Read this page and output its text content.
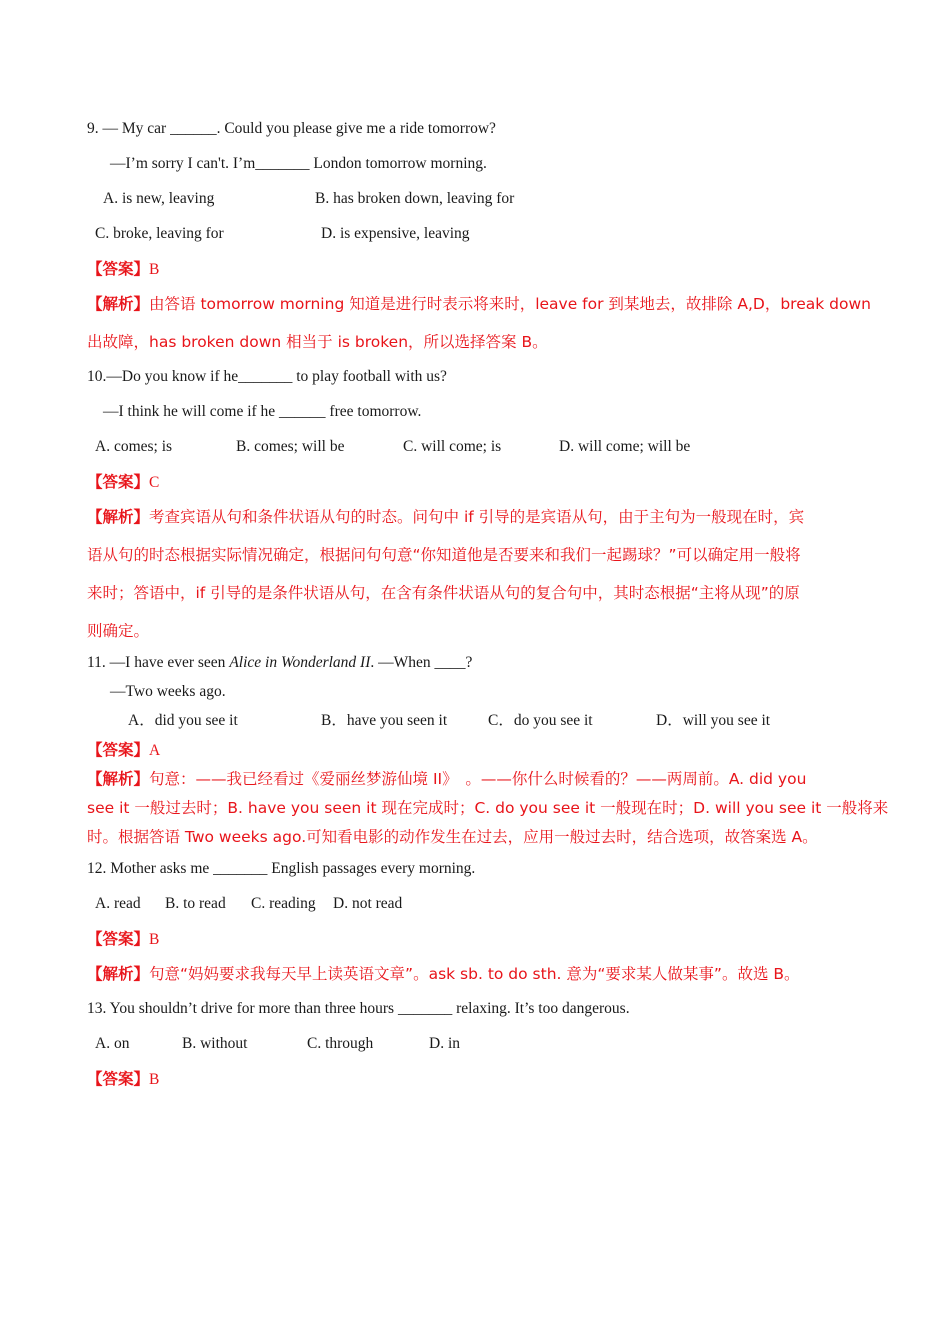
9. — My car ______. Could you please give me a ride tomorrow?
—I’m sorry I can't. I’m_______ London tomorrow morning.
A. is new, leaving	B. has broken down, leaving for
C. broke, leaving for	D. is expensive, leaving
【答案】B
【解析】由答语 tomorrow morning 知道是进行时表示将来时，leave for 到某地去，故排除 A,D，break down
出故障，has broken down 相当于 is broken，所以选择答案 B。
10.—Do you know if he_______ to play football with us?
—I think he will come if he ______ free tomorrow.
A. comes; is	B. comes; will be	C. will come; is	D. will come; will be
【答案】C
【解析】考查宾语从句和条件状语从句的时态。问句中 if 引导的是宾语从句，由于主句为一般现在时，宾
语从句的时态根据实际情况确定，根据问句句意“你知道他是否要来和我们一起踢球？”可以确定用一般将
来时；答语中，if 引导的是条件状语从句，在含有条件状语从句的复合句中，其时态根据“主将从现”的原
则确定。
11. —I have ever seen Alice in Wonderland II. —When ____?
—Two weeks ago.
A．did you see it	B．have you seen it	C．do you see it	D．will you see it
【答案】A
【解析】句意：——我已经看过《爱丽丝梦游仙境 II》　。——你什么时候看的？——两周前。A. did you
see it 一般过去时；B. have you seen it 现在完成时；C. do you see it 一般现在时；D. will you see it 一般将来
时。根据答语 Two weeks ago.可知看电影的动作发生在过去，应用一般过去时，结合选项，故答案选 A。
12. Mother asks me _______ English passages every morning.
A. read B. to read C. reading D. not read
【答案】B
【解析】句意“妈妈要求我每天早上读英语文章”。ask sb. to do sth. 意为“要求某人做某事”。故选 B。
13. You shouldn’t drive for more than three hours _______ relaxing. It’s too dangerous.
A. on	B. without	C. through	D. in
【答案】B
